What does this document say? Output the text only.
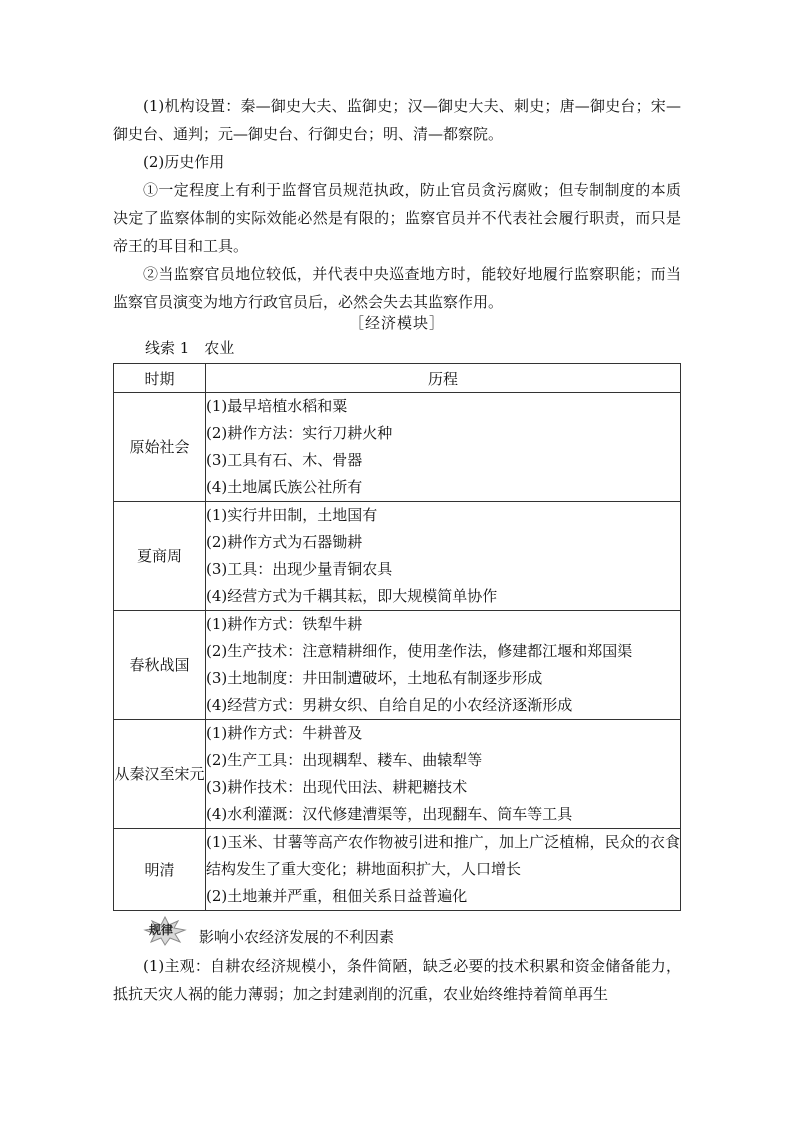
(1)机构设置：秦—御史大夫、监御史；汉—御史大夫、刺史；唐—御史台；宋—御史台、通判；元—御史台、行御史台；明、清—都察院。
(2)历史作用
①一定程度上有利于监督官员规范执政，防止官员贪污腐败；但专制制度的本质决定了监察体制的实际效能必然是有限的；监察官员并不代表社会履行职责，而只是帝王的耳目和工具。
②当监察官员地位较低，并代表中央巡查地方时，能较好地履行监察职能；而当监察官员演变为地方行政官员后，必然会失去其监察作用。
［经济模块］
线索 1　农业
时期	历程
原始社会	(1)最早培植水稻和粟
(2)耕作方法：实行刀耕火种
(3)工具有石、木、骨器
(4)土地属氏族公社所有

夏商周	(1)实行井田制，土地国有
(2)耕作方式为石器锄耕
(3)工具：出现少量青铜农具
(4)经营方式为千耦其耘，即大规模简单协作

春秋战国	(1)耕作方式：铁犁牛耕
(2)生产技术：注意精耕细作，使用垄作法，修建都江堰和郑国渠
(3)土地制度：井田制遭破坏，土地私有制逐步形成
(4)经营方式：男耕女织、自给自足的小农经济逐渐形成

从秦汉至宋元	(1)耕作方式：牛耕普及
(2)生产工具：出现耦犁、耧车、曲辕犁等
(3)耕作技术：出现代田法、耕耙耱技术
(4)水利灌溉：汉代修建漕渠等，出现翻车、筒车等工具

明清	(1)玉米、甘薯等高产农作物被引进和推广，加上广泛植棉，民众的衣食结构发生了重大变化；耕地面积扩大，人口增长
(2)土地兼并严重，租佃关系日益普遍化
规律 影响小农经济发展的不利因素
(1)主观：自耕农经济规模小，条件简陋，缺乏必要的技术积累和资金储备能力，抵抗天灾人祸的能力薄弱；加之封建剥削的沉重，农业始终维持着简单再生
